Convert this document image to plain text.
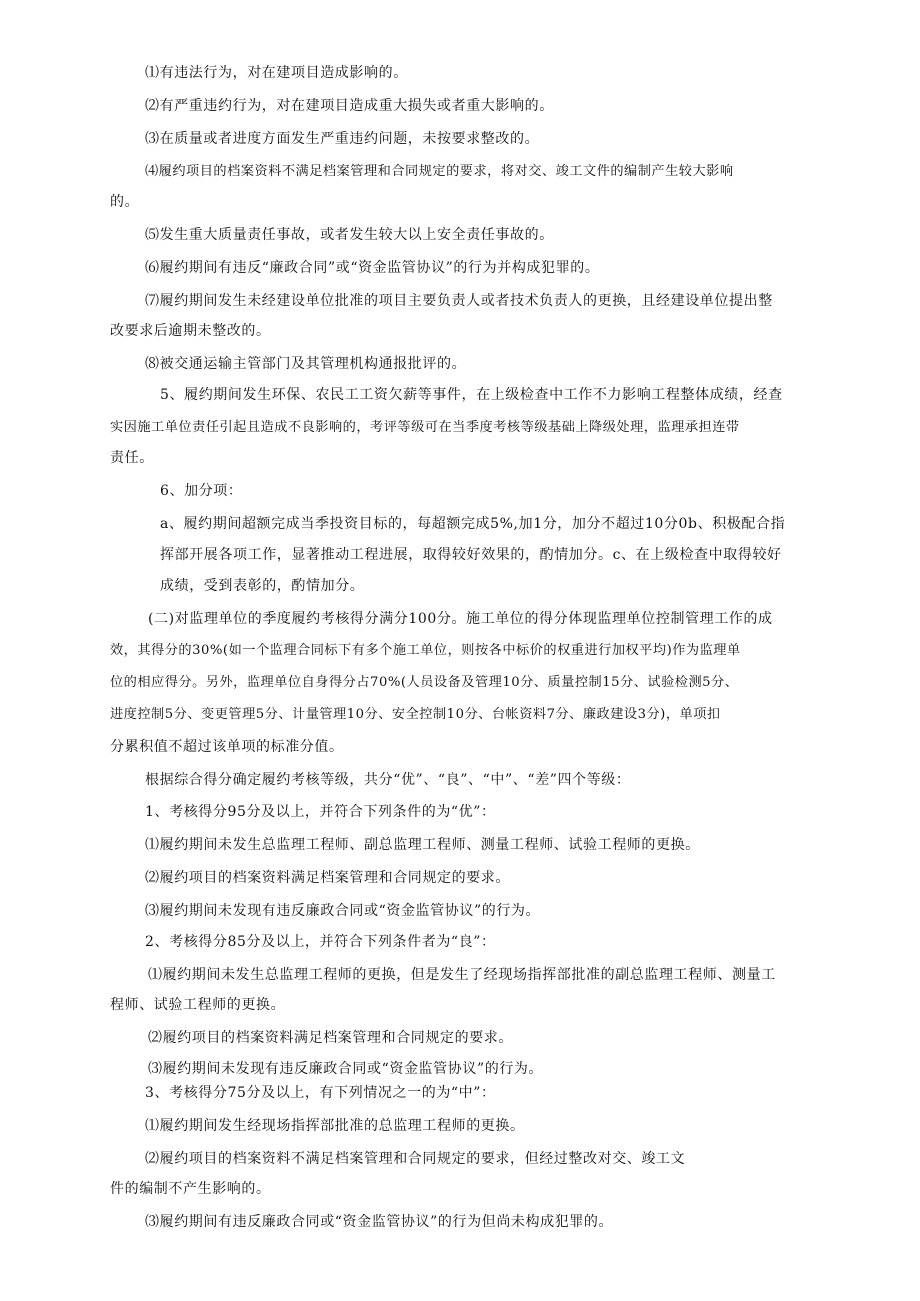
⑴有违法行为，对在建项目造成影响的。
⑵有严重违约行为，对在建项目造成重大损失或者重大影响的。
⑶在质量或者进度方面发生严重违约问题，未按要求整改的。
⑷履约项目的档案资料不满足档案管理和合同规定的要求，将对交、竣工文件的编制产生较大影响
的。
⑸发生重大质量责任事故，或者发生较大以上安全责任事故的。
⑹履约期间有违反“廉政合同”或“资金监管协议”的行为并构成犯罪的。
⑺履约期间发生未经建设单位批准的项目主要负责人或者技术负责人的更换，且经建设单位提出整
改要求后逾期未整改的。
⑻被交通运输主管部门及其管理机构通报批评的。
5、履约期间发生环保、农民工工资欠薪等事件，在上级检查中工作不力影响工程整体成绩，经查
实因施工单位责任引起且造成不良影响的，考评等级可在当季度考核等级基础上降级处理，监理承担连带
责任。
6、加分项：
a、履约期间超额完成当季投资目标的，每超额完成5%,加1分，加分不超过10分0b、积极配合指
挥部开展各项工作，显著推动工程进展，取得较好效果的，酌情加分。c、在上级检查中取得较好
成绩，受到表彰的，酌情加分。
(二)对监理单位的季度履约考核得分满分100分。施工单位的得分体现监理单位控制管理工作的成
效，其得分的30%(如一个监理合同标下有多个施工单位，则按各中标价的权重进行加权平均)作为监理单
位的相应得分。另外，监理单位自身得分占70%(人员设备及管理10分、质量控制15分、试验检测5分、
进度控制5分、变更管理5分、计量管理10分、安全控制10分、台帐资料7分、廉政建设3分)，单项扣
分累积值不超过该单项的标准分值。
根据综合得分确定履约考核等级，共分“优”、“良”、“中”、“差”四个等级：
1、考核得分95分及以上，并符合下列条件的为“优”：
⑴履约期间未发生总监理工程师、副总监理工程师、测量工程师、试验工程师的更换。
⑵履约项目的档案资料满足档案管理和合同规定的要求。
⑶履约期间未发现有违反廉政合同或“资金监管协议”的行为。
2、考核得分85分及以上，并符合下列条件者为“良”：
⑴履约期间未发生总监理工程师的更换，但是发生了经现场指挥部批准的副总监理工程师、测量工
程师、试验工程师的更换。
⑵履约项目的档案资料满足档案管理和合同规定的要求。
⑶履约期间未发现有违反廉政合同或“资金监管协议”的行为。
3、考核得分75分及以上，有下列情况之一的为“中”：
⑴履约期间发生经现场指挥部批准的总监理工程师的更换。
⑵履约项目的档案资料不满足档案管理和合同规定的要求，但经过整改对交、竣工文
件的编制不产生影响的。
⑶履约期间有违反廉政合同或“资金监管协议”的行为但尚未构成犯罪的。
